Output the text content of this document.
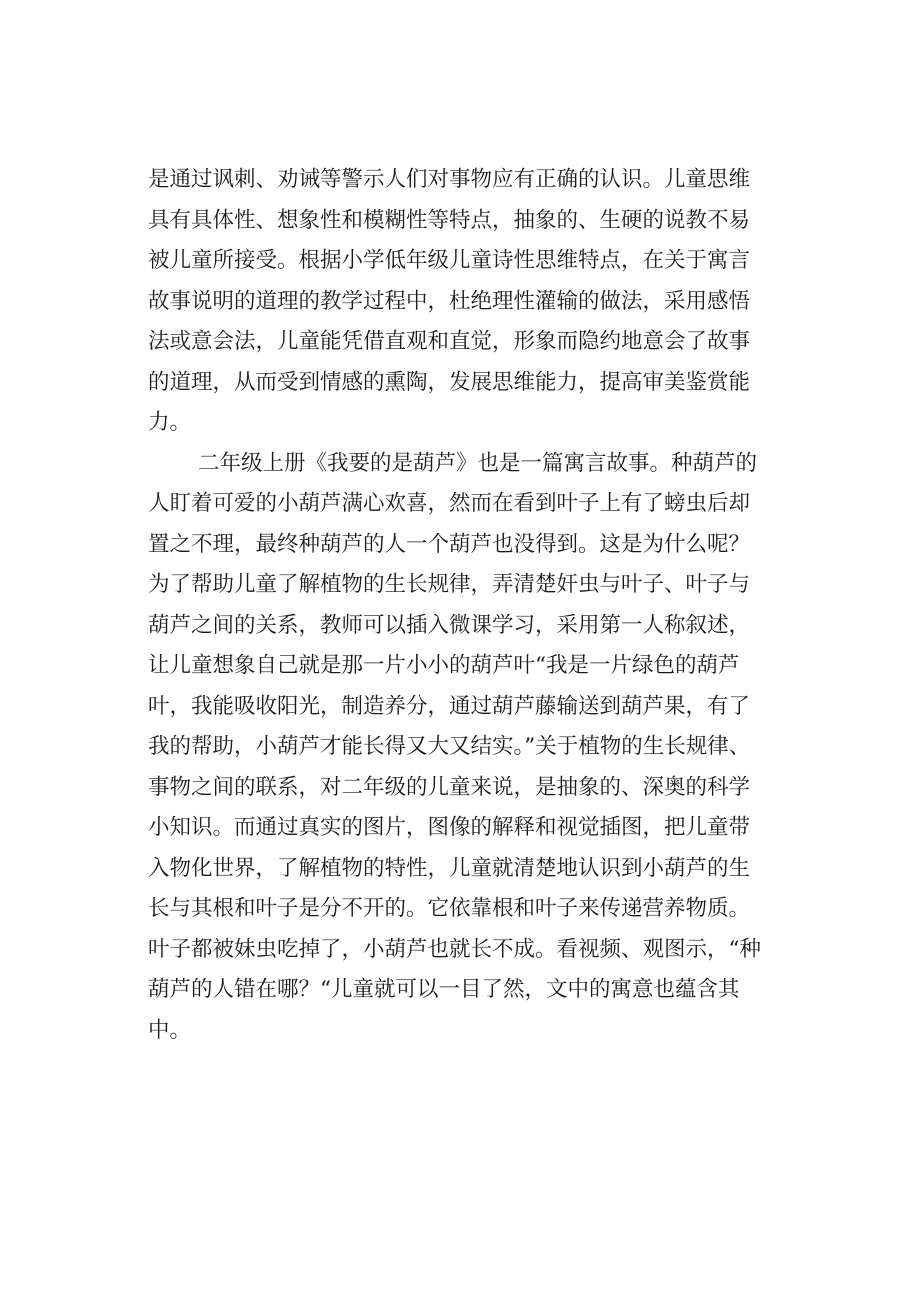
是通过讽刺、劝诫等警示人们对事物应有正确的认识。儿童思维
具有具体性、想象性和模糊性等特点，抽象的、生硬的说教不易
被儿童所接受。根据小学低年级儿童诗性思维特点，在关于寓言
故事说明的道理的教学过程中，杜绝理性灌输的做法，采用感悟
法或意会法，儿童能凭借直观和直觉，形象而隐约地意会了故事
的道理，从而受到情感的熏陶，发展思维能力，提高审美鉴赏能
力。
二年级上册《我要的是葫芦》也是一篇寓言故事。种葫芦的
人盯着可爱的小葫芦满心欢喜，然而在看到叶子上有了螃虫后却
置之不理，最终种葫芦的人一个葫芦也没得到。这是为什么呢？
为了帮助儿童了解植物的生长规律，弄清楚奸虫与叶子、叶子与
葫芦之间的关系，教师可以插入微课学习，采用第一人称叙述，
让儿童想象自己就是那一片小小的葫芦叶“我是一片绿色的葫芦
叶，我能吸收阳光，制造养分，通过葫芦藤输送到葫芦果，有了
我的帮助，小葫芦才能长得又大又结实。”关于植物的生长规律、
事物之间的联系，对二年级的儿童来说，是抽象的、深奥的科学
小知识。而通过真实的图片，图像的解释和视觉插图，把儿童带
入物化世界，了解植物的特性，儿童就清楚地认识到小葫芦的生
长与其根和叶子是分不开的。它依靠根和叶子来传递营养物质。
叶子都被妹虫吃掉了，小葫芦也就长不成。看视频、观图示，“种
葫芦的人错在哪？“儿童就可以一目了然，文中的寓意也蕴含其
中。
